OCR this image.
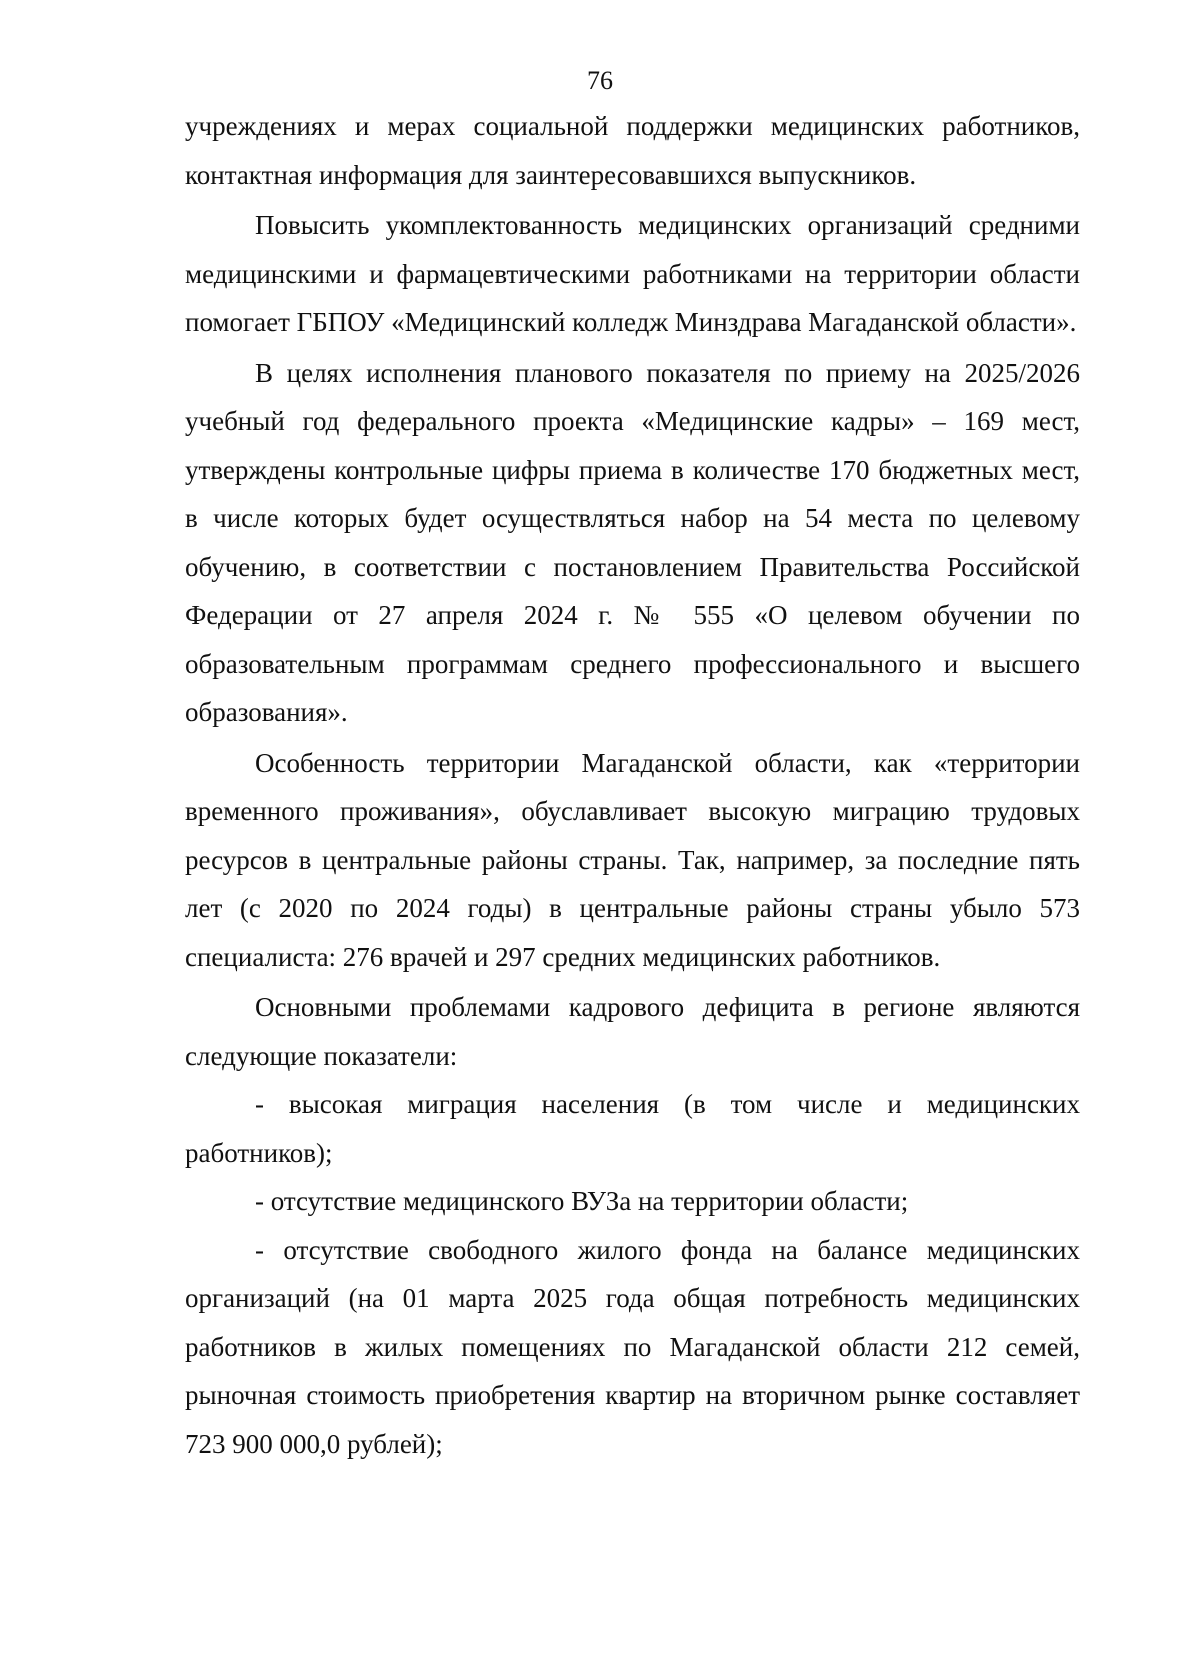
76

учреждениях и мерах социальной поддержки медицинских работников, контактная информация для заинтересовавшихся выпускников.

Повысить укомплектованность медицинских организаций средними медицинскими и фармацевтическими работниками на территории области помогает ГБПОУ «Медицинский колледж Минздрава Магаданской области».

В целях исполнения планового показателя по приему на 2025/2026 учебный год федерального проекта «Медицинские кадры» – 169 мест, утверждены контрольные цифры приема в количестве 170 бюджетных мест, в числе которых будет осуществляться набор на 54 места по целевому обучению, в соответствии с постановлением Правительства Российской Федерации от 27 апреля 2024 г. № 555 «О целевом обучении по образовательным программам среднего профессионального и высшего образования».

Особенность территории Магаданской области, как «территории временного проживания», обуславливает высокую миграцию трудовых ресурсов в центральные районы страны. Так, например, за последние пять лет (с 2020 по 2024 годы) в центральные районы страны убыло 573 специалиста: 276 врачей и 297 средних медицинских работников.

Основными проблемами кадрового дефицита в регионе являются следующие показатели:

- высокая миграция населения (в том числе и медицинских работников);

- отсутствие медицинского ВУЗа на территории области;

- отсутствие свободного жилого фонда на балансе медицинских организаций (на 01 марта 2025 года общая потребность медицинских работников в жилых помещениях по Магаданской области 212 семей, рыночная стоимость приобретения квартир на вторичном рынке составляет 723 900 000,0 рублей);
